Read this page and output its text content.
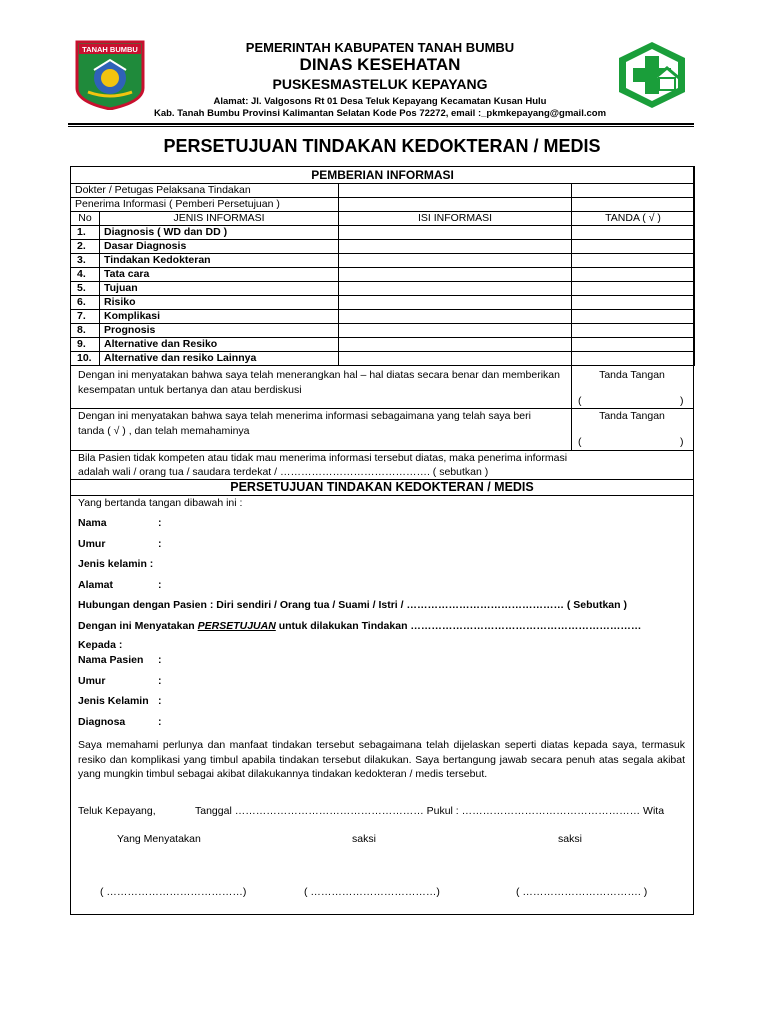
TANAH BUMBU	PEMERINTAH KABUPATEN TANAH BUMBU
DINAS KESEHATAN
PUSKESMASTELUK KEPAYANG
Alamat: Jl. Valgosons Rt 01 Desa Teluk Kepayang Kecamatan Kusan Hulu
Kab. Tanah Bumbu Provinsi Kalimantan Selatan Kode Pos 72272, email :_pkmkepayang@gmail.com
PERSETUJUAN TINDAKAN KEDOKTERAN / MEDIS
PEMBERIAN INFORMASI			
Dokter / Petugas Pelaksana Tindakan			
Penerima Informasi ( Pemberi Persetujuan )			
No	JENIS INFORMASI	ISI INFORMASI	TANDA ( √ )
1.	Diagnosis ( WD dan DD )		
2.	Dasar Diagnosis		
3.	Tindakan Kedokteran		
4.	Tata cara		
5.	Tujuan		
6.	Risiko		
7.	Komplikasi		
8.	Prognosis		
9.	Alternative dan Resiko		
10.	Alternative dan resiko Lainnya		
Dengan ini menyatakan bahwa saya telah menerangkan hal – hal diatas secara benar dan memberikan kesempatan untuk bertanya dan atau berdiskusi
Tanda Tangan
(	)
Dengan ini menyatakan bahwa saya telah menerima informasi sebagaimana yang telah saya beri tanda ( √ ) , dan telah memahaminya
Tanda Tangan
(	)
Bila Pasien tidak kompeten atau tidak mau menerima informasi tersebut diatas, maka penerima informasi
adalah wali / orang tua / saudara terdekat / ……………………………………. ( sebutkan )
PERSETUJUAN TINDAKAN KEDOKTERAN / MEDIS
Yang bertanda tangan dibawah ini :
Nama	:
Umur	:
Jenis kelamin :
Alamat	:
Hubungan dengan Pasien : Diri sendiri / Orang tua / Suami / Istri / ……………………………………… ( Sebutkan )
Dengan ini Menyatakan PERSETUJUAN untuk dilakukan Tindakan …………………………………………………………
Kepada :
Nama Pasien :
Umur	:
Jenis Kelamin :
Diagnosa	:
Saya memahami perlunya dan manfaat tindakan tersebut sebagaimana telah dijelaskan seperti diatas kepada saya, termasuk resiko dan komplikasi yang timbul apabila tindakan tersebut dilakukan. Saya bertangung jawab secara penuh atas segala akibat yang mungkin timbul sebagai akibat dilakukannya tindakan kedokteran / medis tersebut.
Teluk Kepayang,	Tanggal ……………………………………………… Pukul : …………………………………………… Wita
Yang Menyatakan	saksi	saksi
( …………………………………)	( ………………………………)	( ……………………………. )
